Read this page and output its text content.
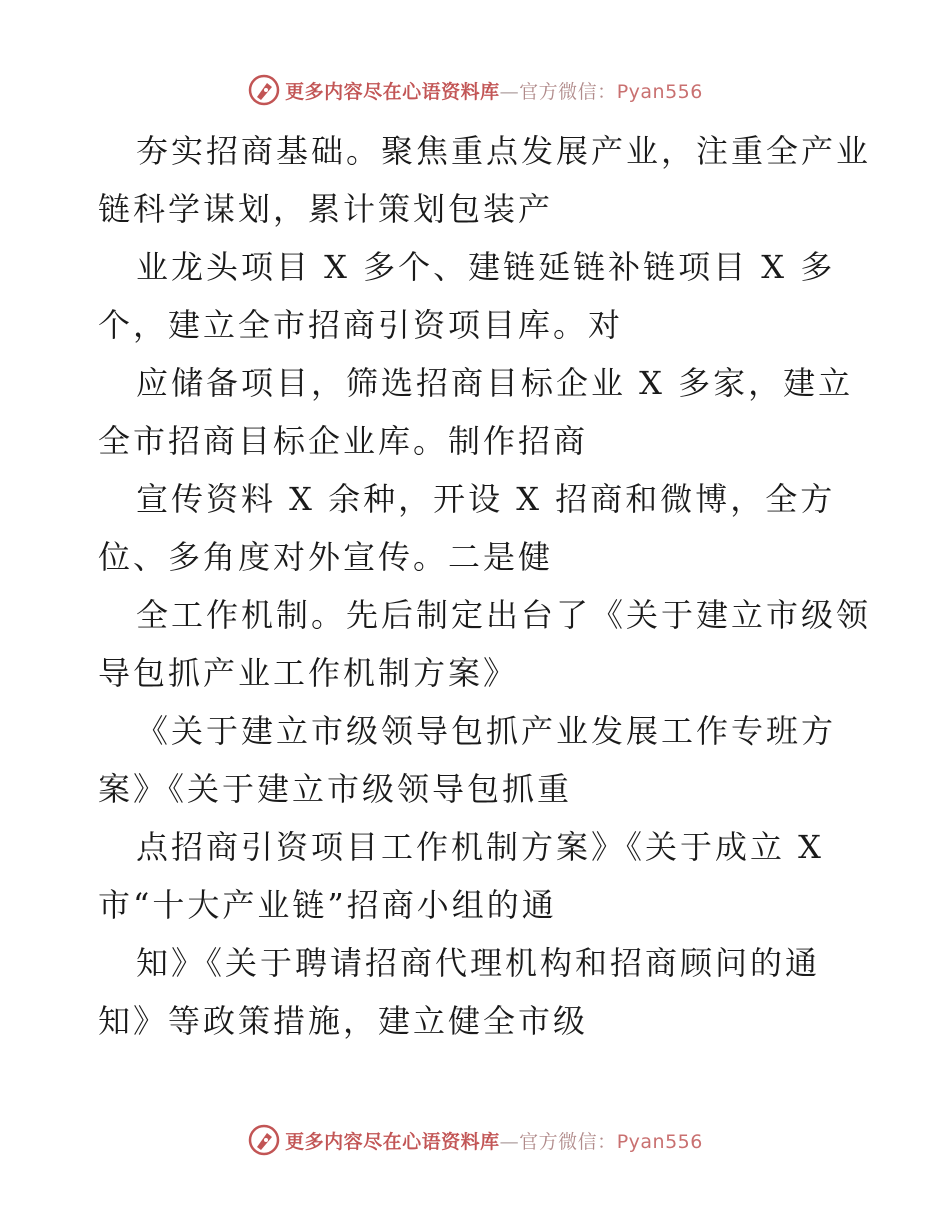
更多内容尽在心语资料库—官方微信：Pyan556
夯实招商基础。聚焦重点发展产业，注重全产业
链科学谋划，累计策划包装产
业龙头项目 X 多个、建链延链补链项目 X 多
个，建立全市招商引资项目库。对
应储备项目，筛选招商目标企业 X 多家，建立
全市招商目标企业库。制作招商
宣传资料 X 余种，开设 X 招商和微博，全方
位、多角度对外宣传。二是健
全工作机制。先后制定出台了《关于建立市级领
导包抓产业工作机制方案》
《关于建立市级领导包抓产业发展工作专班方
案》《关于建立市级领导包抓重
点招商引资项目工作机制方案》《关于成立 X
市“十大产业链”招商小组的通
知》《关于聘请招商代理机构和招商顾问的通
知》等政策措施，建立健全市级
更多内容尽在心语资料库—官方微信：Pyan556
